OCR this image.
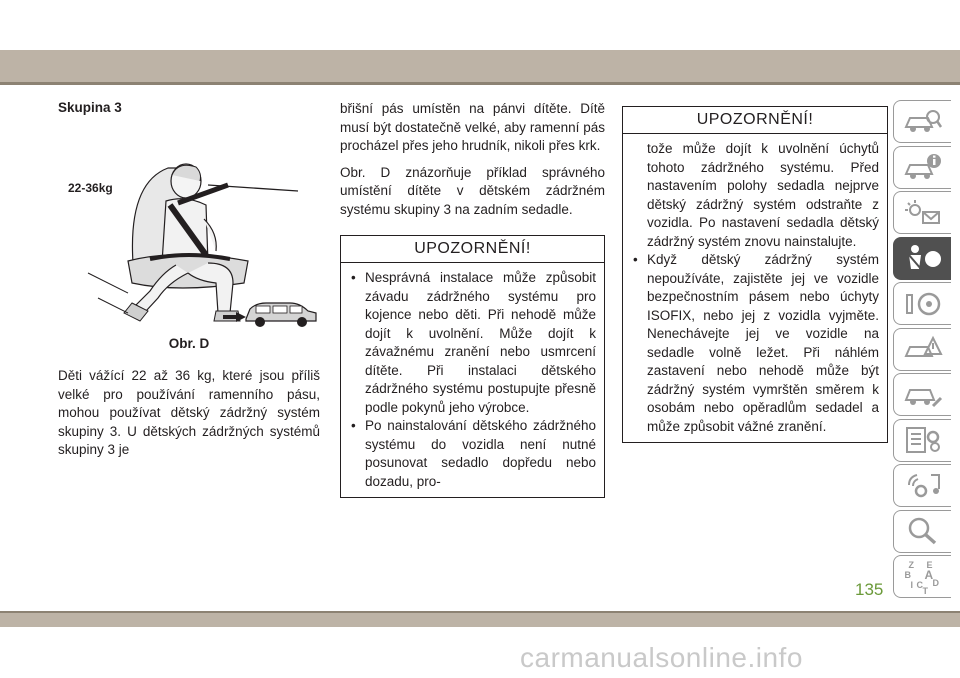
Skupina 3
22-36kg
Obr. D

Děti vážící 22 až 36 kg, které jsou příliš velké pro používání ramenního pásu, mohou používat dětský zádržný systém skupiny 3. U dětských zádržných systémů skupiny 3 je

břišní pás umístěn na pánvi dítěte. Dítě musí být dostatečně velké, aby ramenní pás procházel přes jeho hrudník, nikoli přes krk.

Obr. D znázorňuje příklad správného umístění dítěte v dětském zádržném systému skupiny 3 na zadním sedadle.

UPOZORNĚNÍ!
• Nesprávná instalace může způsobit závadu zádržného systému pro kojence nebo děti. Při nehodě může dojít k uvolnění. Může dojít k závažnému zranění nebo usmrcení dítěte. Při instalaci dětského zádržného systému postupujte přesně podle pokynů jeho výrobce.
• Po nainstalování dětského zádržného systému do vozidla není nutné posunovat sedadlo dopředu nebo dozadu, pro-
UPOZORNĚNÍ!
tože může dojít k uvolnění úchytů tohoto zádržného systému. Před nastavením polohy sedadla nejprve dětský zádržný systém odstraňte z vozidla. Po nastavení sedadla dětský zádržný systém znovu nainstalujte.
• Když dětský zádržný systém nepoužíváte, zajistěte jej ve vozidle bezpečnostním pásem nebo úchyty ISOFIX, nebo jej z vozidla vyjměte. Nenechávejte jej ve vozidle na sedadle volně ležet. Při náhlém zastavení nebo nehodě může být zádržný systém vymrštěn směrem k osobám nebo opěradlům sedadel a může způsobit vážné zranění.
Z E
B A
I C D
T
135
carmanualsonline.info
